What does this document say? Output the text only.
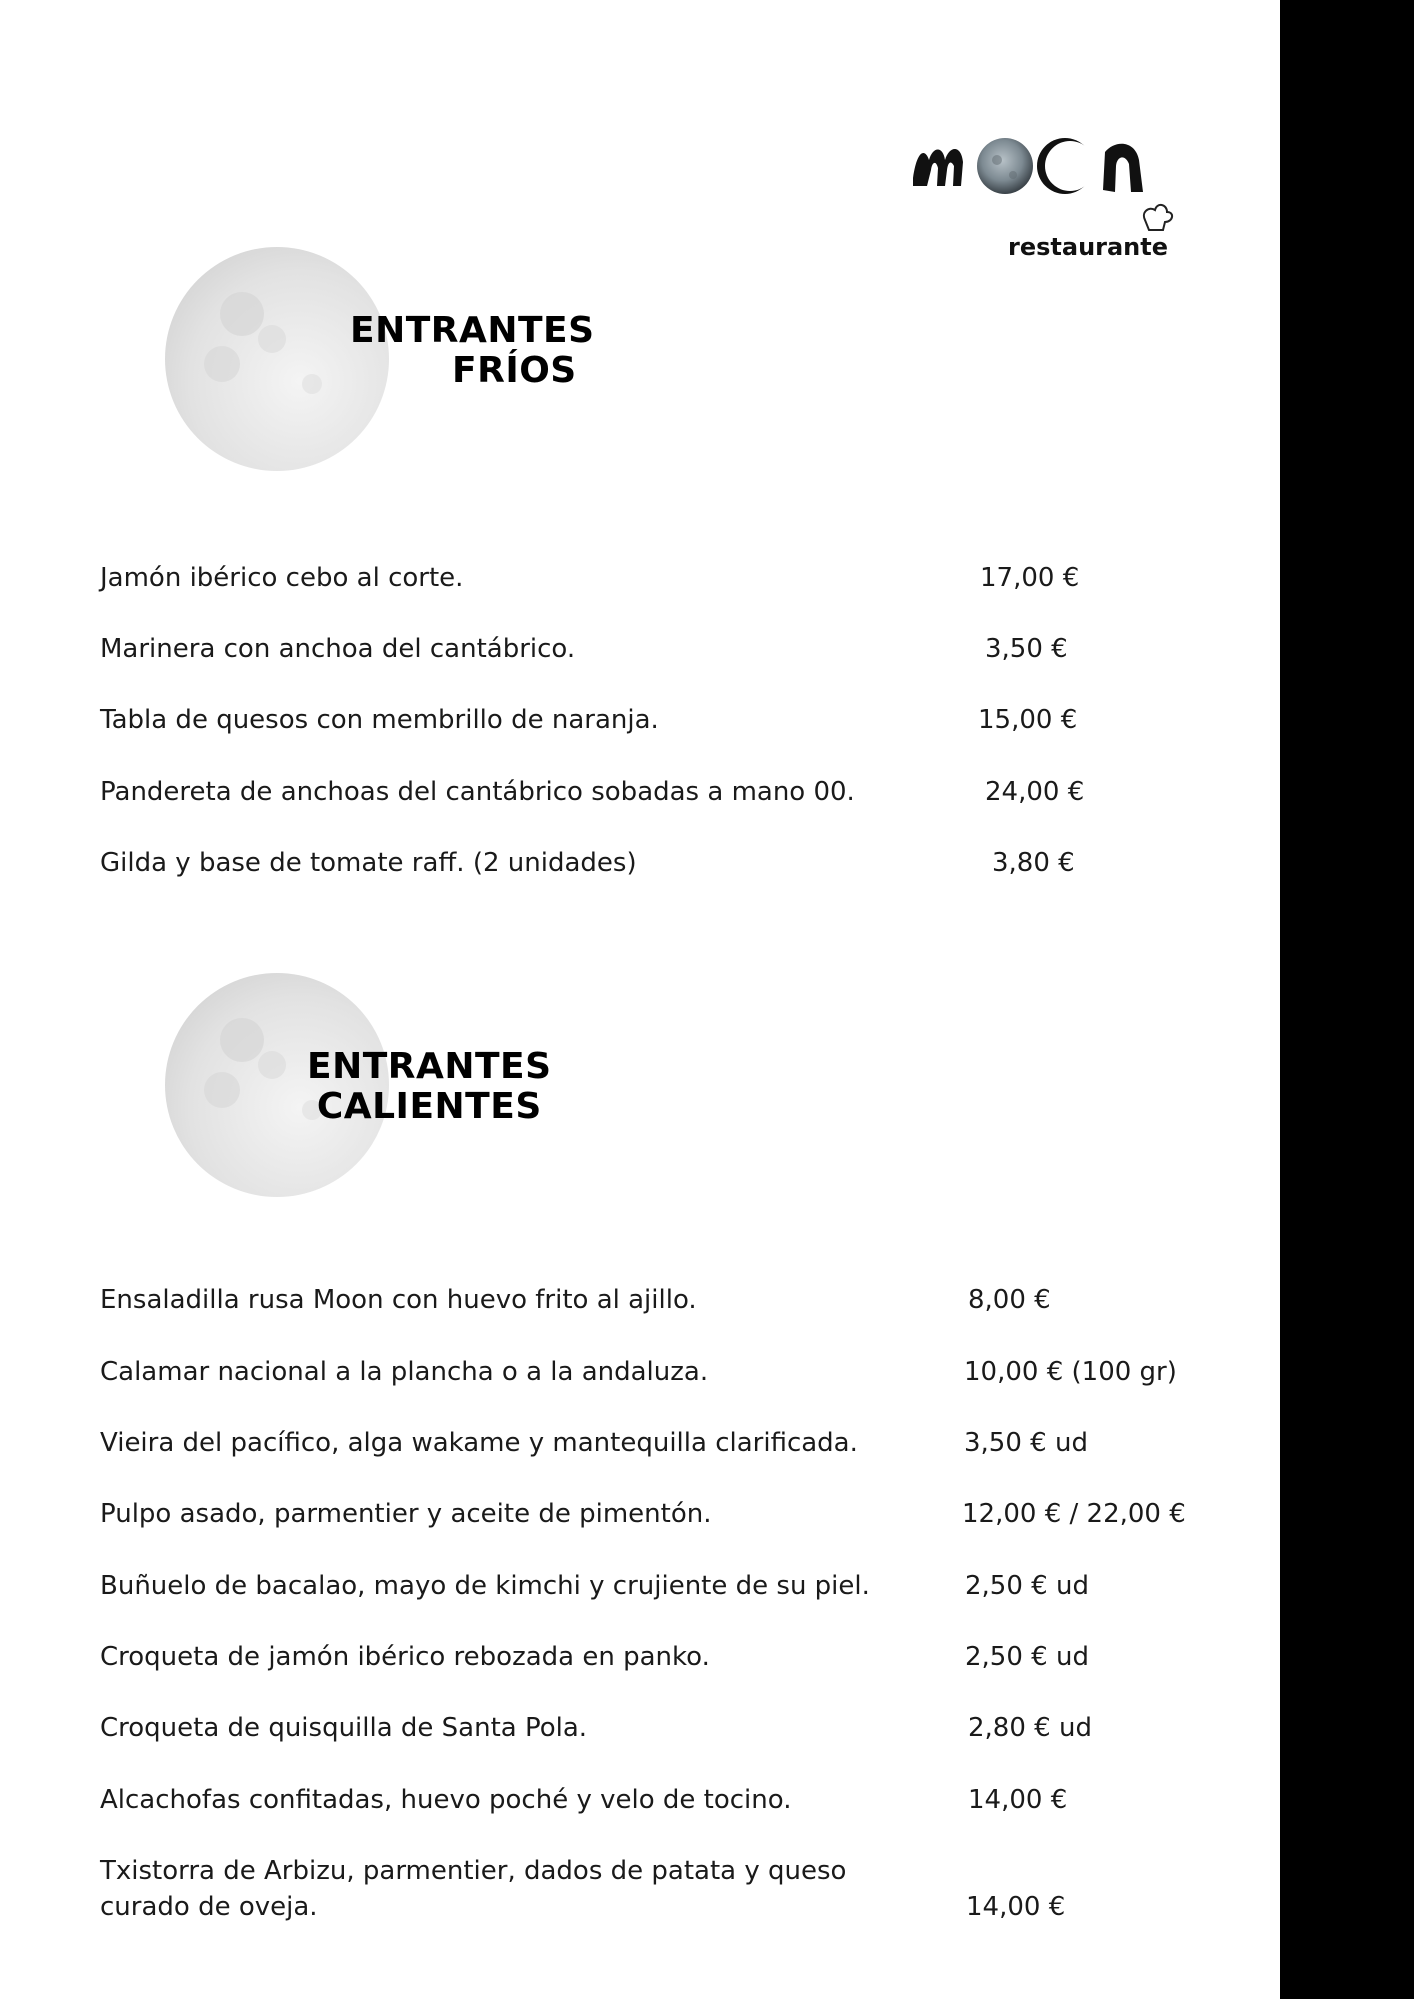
restaurante
ENTRANTES
FRÍOS
Jamón ibérico cebo al corte.	17,00 €
Marinera con anchoa del cantábrico.	3,50 €
Tabla de quesos con membrillo de naranja.	15,00 €
Pandereta de anchoas del cantábrico sobadas a mano 00.	24,00 €
Gilda y base de tomate raff. (2 unidades)	3,80 €
ENTRANTES
CALIENTES
Ensaladilla rusa Moon con huevo frito al ajillo.	8,00 €
Calamar nacional a la plancha o a la andaluza.	10,00 € (100 gr)
Vieira del pacífico, alga wakame y mantequilla clarificada.	3,50 € ud
Pulpo asado, parmentier y aceite de pimentón.	12,00 € / 22,00 €
Buñuelo de bacalao, mayo de kimchi y crujiente de su piel.	2,50 € ud
Croqueta de jamón ibérico rebozada en panko.	2,50 € ud
Croqueta de quisquilla de Santa Pola.	2,80 € ud
Alcachofas confitadas, huevo poché y velo de tocino.	14,00 €
Txistorra de Arbizu, parmentier, dados de patata y queso
curado de oveja.	14,00 €
